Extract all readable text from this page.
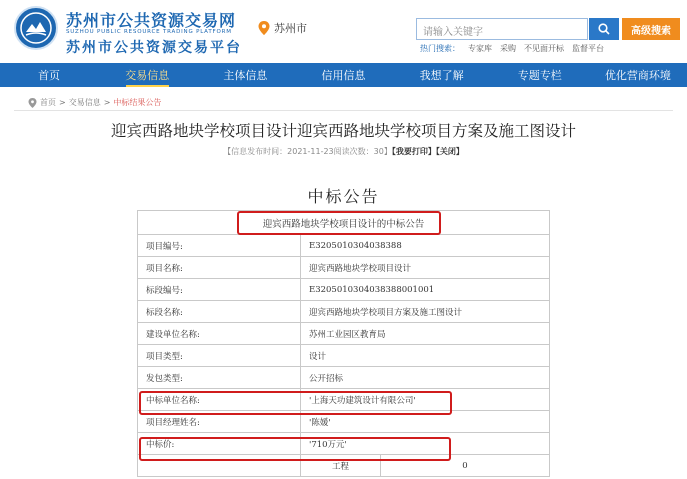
苏州市公共资源交易网
SUZHOU PUBLIC RESOURCE TRADING PLATFORM
苏州市公共资源交易平台
苏州市	请输入关键字	高级搜索
热门搜索： 专家库 采购 不见面开标 监督平台
首页	交易信息	主体信息	信用信息	我想了解	专题专栏	优化营商环境
首页 > 交易信息 > 中标结果公告
迎宾西路地块学校项目设计迎宾西路地块学校项目方案及施工图设计
【信息发布时间：2021-11-23阅读次数：30】【我要打印】【关闭】
中标公告
迎宾西路地块学校项目设计的中标公告		
项目编号:	E3205010304038388	
项目名称:	迎宾西路地块学校项目设计	
标段编号:	E3205010304038388001001	
标段名称:	迎宾西路地块学校项目方案及施工图设计	
建设单位名称:	苏州工业园区教育局	
项目类型:	设计	
发包类型:	公开招标	
中标单位名称:	'上海天功建筑设计有限公司'	
项目经理姓名:	'陈媛'	
中标价:	'710万元'	
	工程	0
